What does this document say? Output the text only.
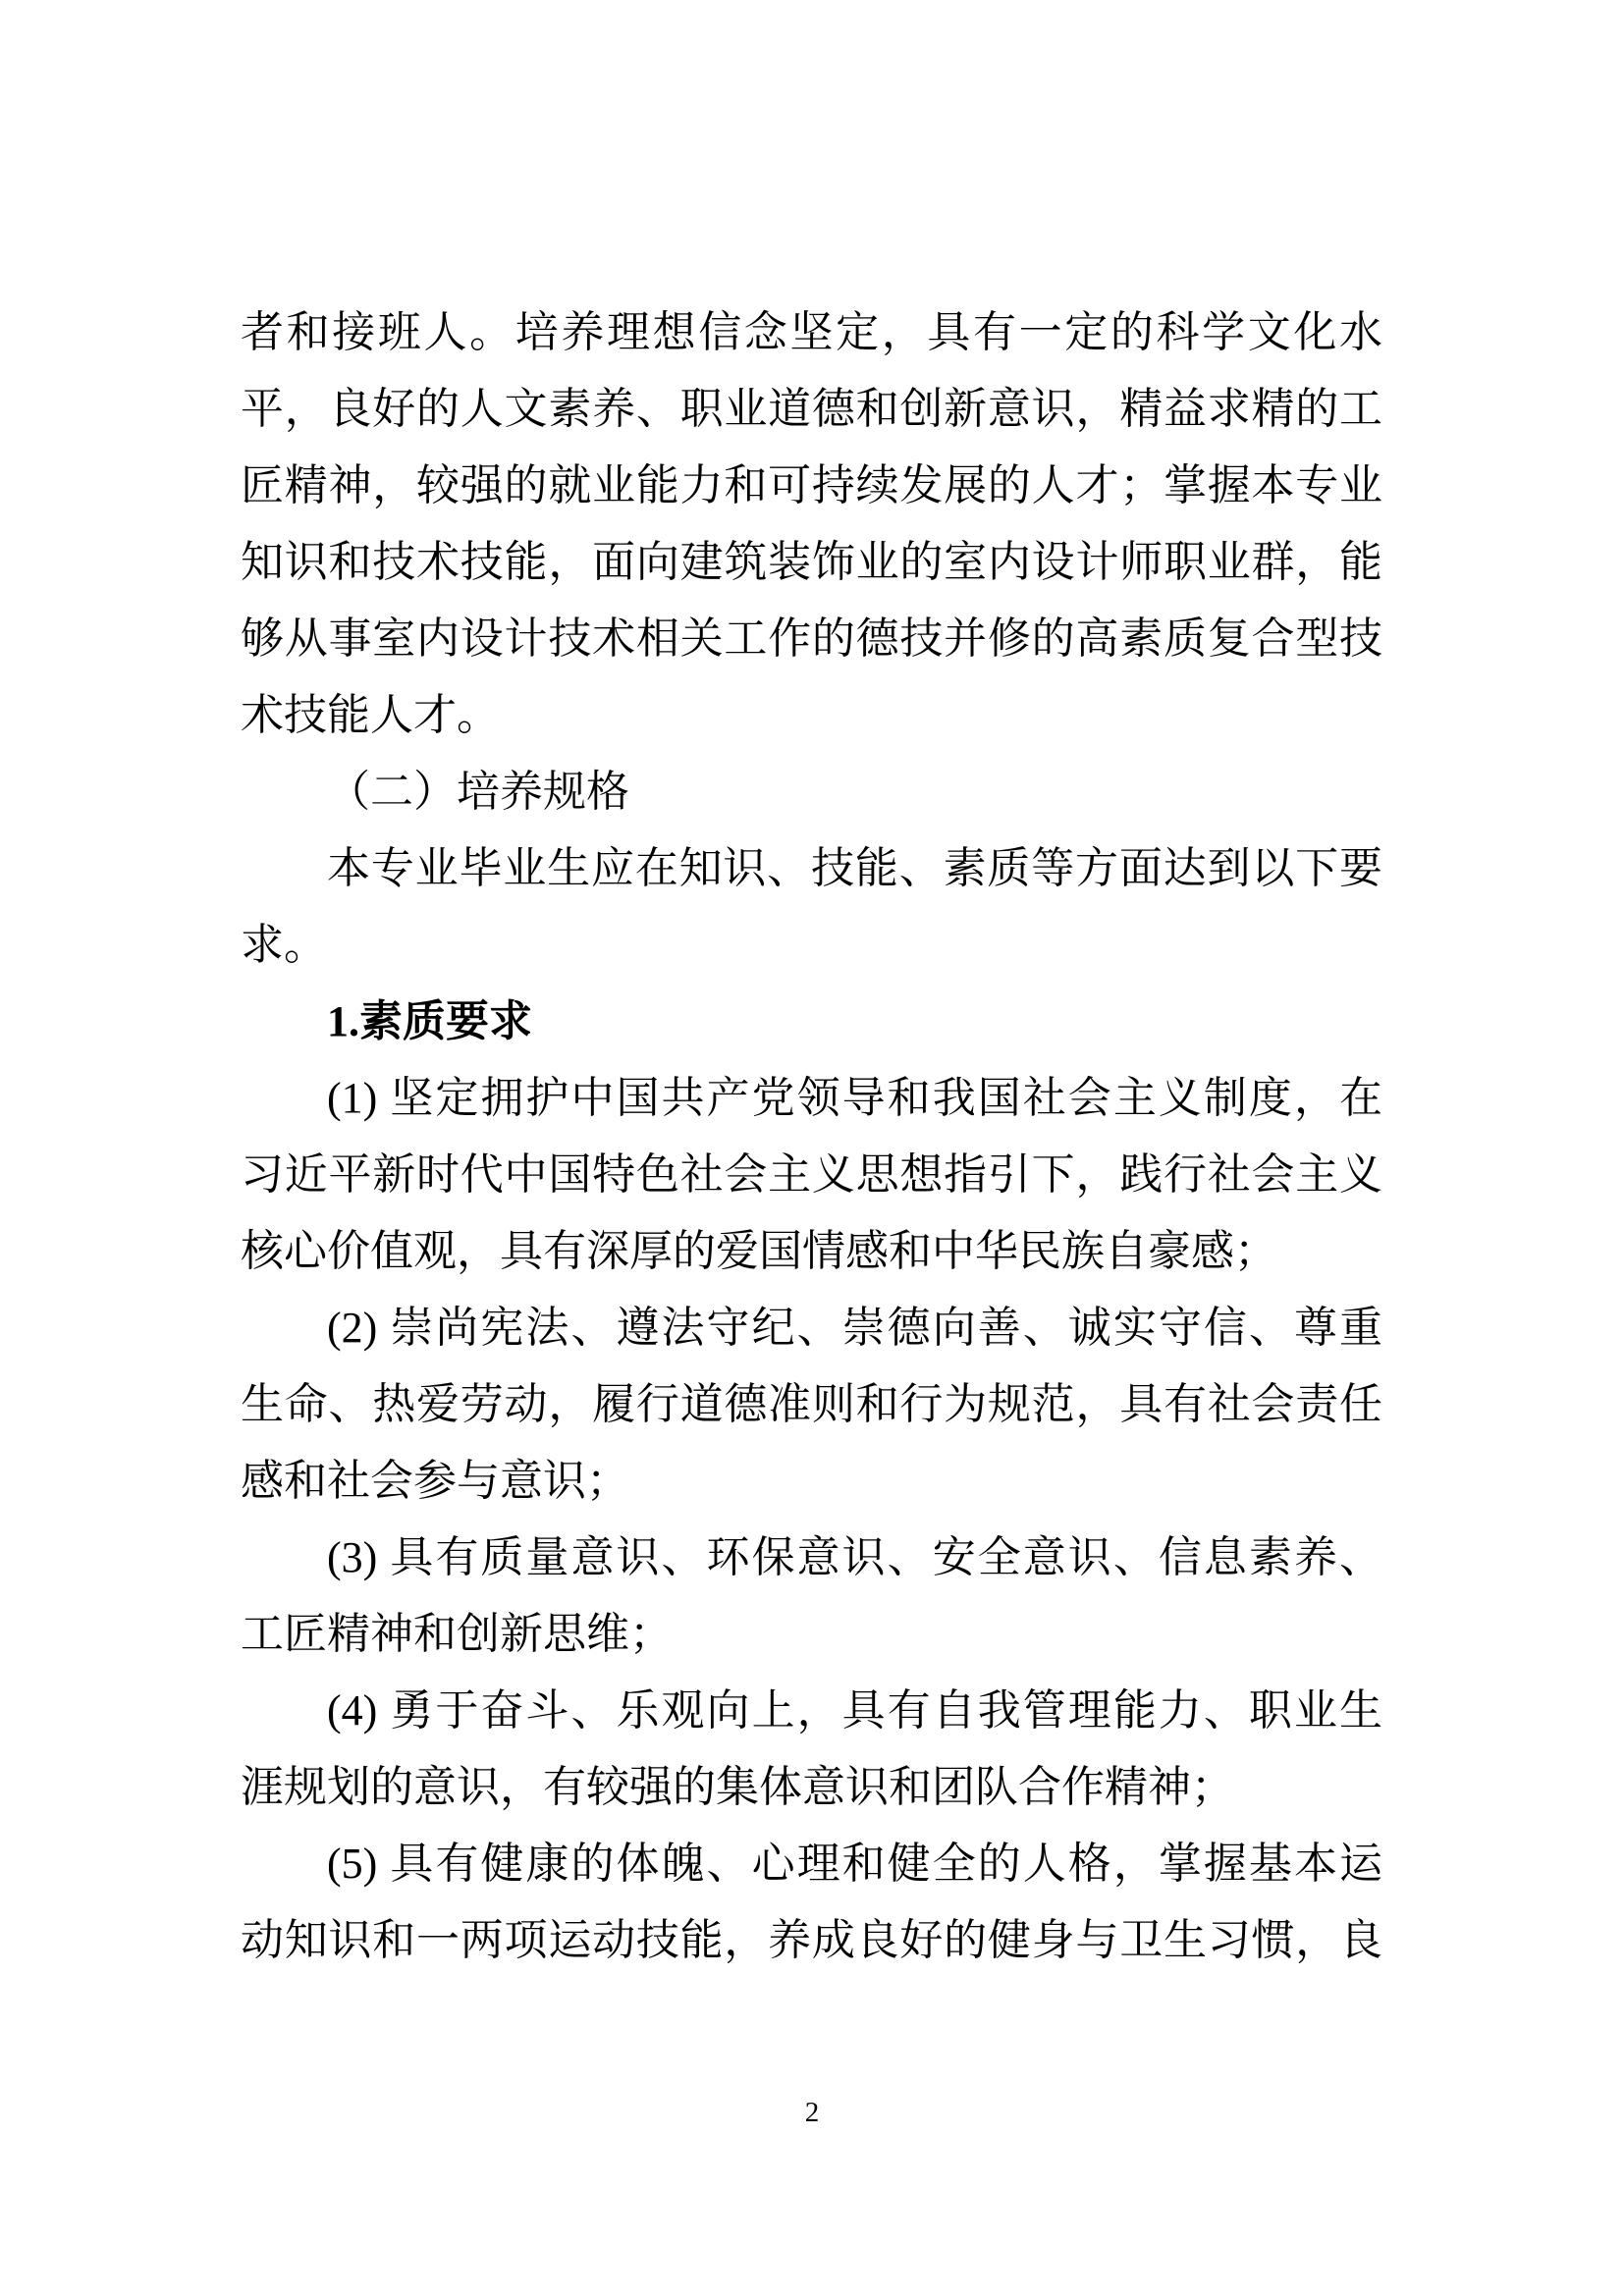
者和接班人。培养理想信念坚定，具有一定的科学文化水
平，良好的人文素养、职业道德和创新意识，精益求精的工
匠精神，较强的就业能力和可持续发展的人才；掌握本专业
知识和技术技能，面向建筑装饰业的室内设计师职业群，能
够从事室内设计技术相关工作的德技并修的高素质复合型技
术技能人才。
（二）培养规格
本专业毕业生应在知识、技能、素质等方面达到以下要
求。
1.素质要求
(1) 坚定拥护中国共产党领导和我国社会主义制度，在
习近平新时代中国特色社会主义思想指引下，践行社会主义
核心价值观，具有深厚的爱国情感和中华民族自豪感；
(2) 崇尚宪法、遵法守纪、崇德向善、诚实守信、尊重
生命、热爱劳动，履行道德准则和行为规范，具有社会责任
感和社会参与意识；
(3) 具有质量意识、环保意识、安全意识、信息素养、
工匠精神和创新思维；
(4) 勇于奋斗、乐观向上，具有自我管理能力、职业生
涯规划的意识，有较强的集体意识和团队合作精神；
(5) 具有健康的体魄、心理和健全的人格，掌握基本运
动知识和一两项运动技能，养成良好的健身与卫生习惯，良
2
